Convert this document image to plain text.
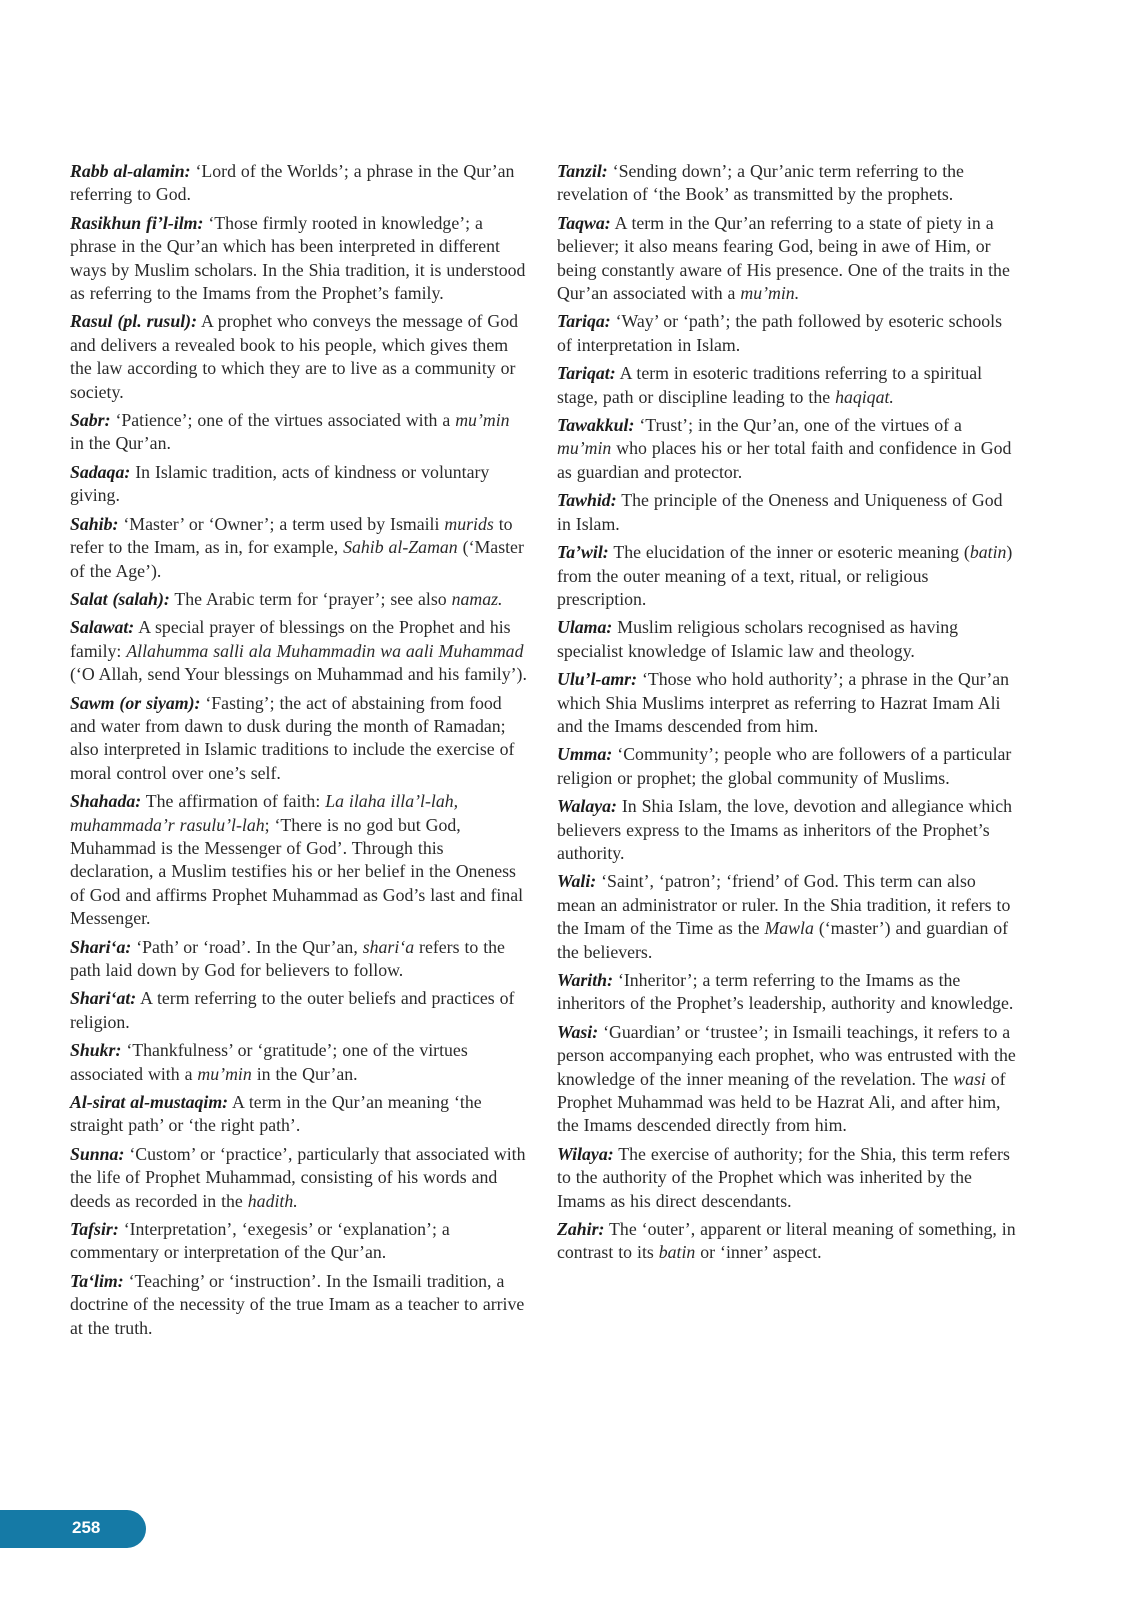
Rabb al-alamin: ‘Lord of the Worlds’; a phrase in the Qur’an referring to God.

Rasikhun fi’l-ilm: ‘Those firmly rooted in knowledge’; a phrase in the Qur’an which has been interpreted in different ways by Muslim scholars. In the Shia tradition, it is understood as referring to the Imams from the Prophet’s family.

Rasul (pl. rusul): A prophet who conveys the message of God and delivers a revealed book to his people, which gives them the law according to which they are to live as a community or society.

Sabr: ‘Patience’; one of the virtues associated with a mu’min in the Qur’an.

Sadaqa: In Islamic tradition, acts of kindness or voluntary giving.

Sahib: ‘Master’ or ‘Owner’; a term used by Ismaili murids to refer to the Imam, as in, for example, Sahib al-Zaman (‘Master of the Age’).

Salat (salah): The Arabic term for ‘prayer’; see also namaz.

Salawat: A special prayer of blessings on the Prophet and his family: Allahumma salli ala Muhammadin wa aali Muhammad (‘O Allah, send Your blessings on Muhammad and his family’).

Sawm (or siyam): ‘Fasting’; the act of abstaining from food and water from dawn to dusk during the month of Ramadan; also interpreted in Islamic traditions to include the exercise of moral control over one’s self.

Shahada: The affirmation of faith: La ilaha illa’l-lah, muhammada’r rasulu’l-lah; ‘There is no god but God, Muhammad is the Messenger of God’. Through this declaration, a Muslim testifies his or her belief in the Oneness of God and affirms Prophet Muhammad as God’s last and final Messenger.

Shari‘a: ‘Path’ or ‘road’. In the Qur’an, shari‘a refers to the path laid down by God for believers to follow.

Shari‘at: A term referring to the outer beliefs and practices of religion.

Shukr: ‘Thankfulness’ or ‘gratitude’; one of the virtues associated with a mu’min in the Qur’an.

Al-sirat al-mustaqim: A term in the Qur’an meaning ‘the straight path’ or ‘the right path’.

Sunna: ‘Custom’ or ‘practice’, particularly that associated with the life of Prophet Muhammad, consisting of his words and deeds as recorded in the hadith.

Tafsir: ‘Interpretation’, ‘exegesis’ or ‘explanation’; a commentary or interpretation of the Qur’an.

Ta‘lim: ‘Teaching’ or ‘instruction’. In the Ismaili tradition, a doctrine of the necessity of the true Imam as a teacher to arrive at the truth.

Tanzil: ‘Sending down’; a Qur’anic term referring to the revelation of ‘the Book’ as transmitted by the prophets.

Taqwa: A term in the Qur’an referring to a state of piety in a believer; it also means fearing God, being in awe of Him, or being constantly aware of His presence. One of the traits in the Qur’an associated with a mu’min.

Tariqa: ‘Way’ or ‘path’; the path followed by esoteric schools of interpretation in Islam.

Tariqat: A term in esoteric traditions referring to a spiritual stage, path or discipline leading to the haqiqat.

Tawakkul: ‘Trust’; in the Qur’an, one of the virtues of a mu’min who places his or her total faith and confidence in God as guardian and protector.

Tawhid: The principle of the Oneness and Uniqueness of God in Islam.

Ta’wil: The elucidation of the inner or esoteric meaning (batin) from the outer meaning of a text, ritual, or religious prescription.

Ulama: Muslim religious scholars recognised as having specialist knowledge of Islamic law and theology.

Ulu’l-amr: ‘Those who hold authority’; a phrase in the Qur’an which Shia Muslims interpret as referring to Hazrat Imam Ali and the Imams descended from him.

Umma: ‘Community’; people who are followers of a particular religion or prophet; the global community of Muslims.

Walaya: In Shia Islam, the love, devotion and allegiance which believers express to the Imams as inheritors of the Prophet’s authority.

Wali: ‘Saint’, ‘patron’; ‘friend’ of God. This term can also mean an administrator or ruler. In the Shia tradition, it refers to the Imam of the Time as the Mawla (‘master’) and guardian of the believers.

Warith: ‘Inheritor’; a term referring to the Imams as the inheritors of the Prophet’s leadership, authority and knowledge.

Wasi: ‘Guardian’ or ‘trustee’; in Ismaili teachings, it refers to a person accompanying each prophet, who was entrusted with the knowledge of the inner meaning of the revelation. The wasi of Prophet Muhammad was held to be Hazrat Ali, and after him, the Imams descended directly from him.

Wilaya: The exercise of authority; for the Shia, this term refers to the authority of the Prophet which was inherited by the Imams as his direct descendants.

Zahir: The ‘outer’, apparent or literal meaning of something, in contrast to its batin or ‘inner’ aspect.

258
